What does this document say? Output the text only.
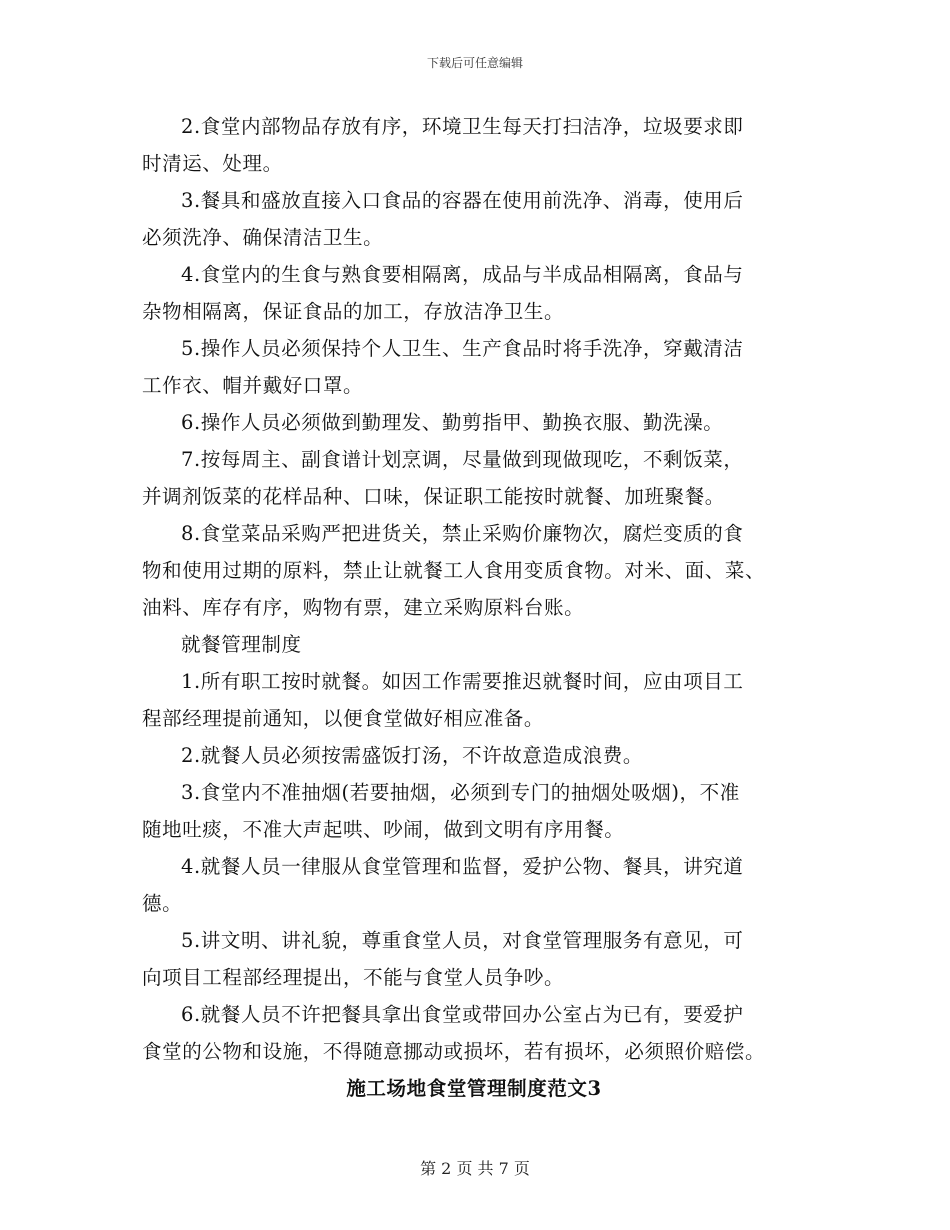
下载后可任意编辑

2.食堂内部物品存放有序，环境卫生每天打扫洁净，垃圾要求即
时清运、处理。

3.餐具和盛放直接入口食品的容器在使用前洗净、消毒，使用后
必须洗净、确保清洁卫生。

4.食堂内的生食与熟食要相隔离，成品与半成品相隔离，食品与
杂物相隔离，保证食品的加工，存放洁净卫生。

5.操作人员必须保持个人卫生、生产食品时将手洗净，穿戴清洁
工作衣、帽并戴好口罩。

6.操作人员必须做到勤理发、勤剪指甲、勤换衣服、勤洗澡。

7.按每周主、副食谱计划烹调，尽量做到现做现吃，不剩饭菜，
并调剂饭菜的花样品种、口味，保证职工能按时就餐、加班聚餐。

8.食堂菜品采购严把进货关，禁止采购价廉物次，腐烂变质的食
物和使用过期的原料，禁止让就餐工人食用变质食物。对米、面、菜、
油料、库存有序，购物有票，建立采购原料台账。

就餐管理制度

1.所有职工按时就餐。如因工作需要推迟就餐时间，应由项目工
程部经理提前通知，以便食堂做好相应准备。

2.就餐人员必须按需盛饭打汤，不许故意造成浪费。

3.食堂内不准抽烟(若要抽烟，必须到专门的抽烟处吸烟)，不准
随地吐痰，不准大声起哄、吵闹，做到文明有序用餐。

4.就餐人员一律服从食堂管理和监督，爱护公物、餐具，讲究道
德。

5.讲文明、讲礼貌，尊重食堂人员，对食堂管理服务有意见，可
向项目工程部经理提出，不能与食堂人员争吵。

6.就餐人员不许把餐具拿出食堂或带回办公室占为已有，要爱护
食堂的公物和设施，不得随意挪动或损坏，若有损坏，必须照价赔偿。

施工场地食堂管理制度范文3

第 2 页 共 7 页
